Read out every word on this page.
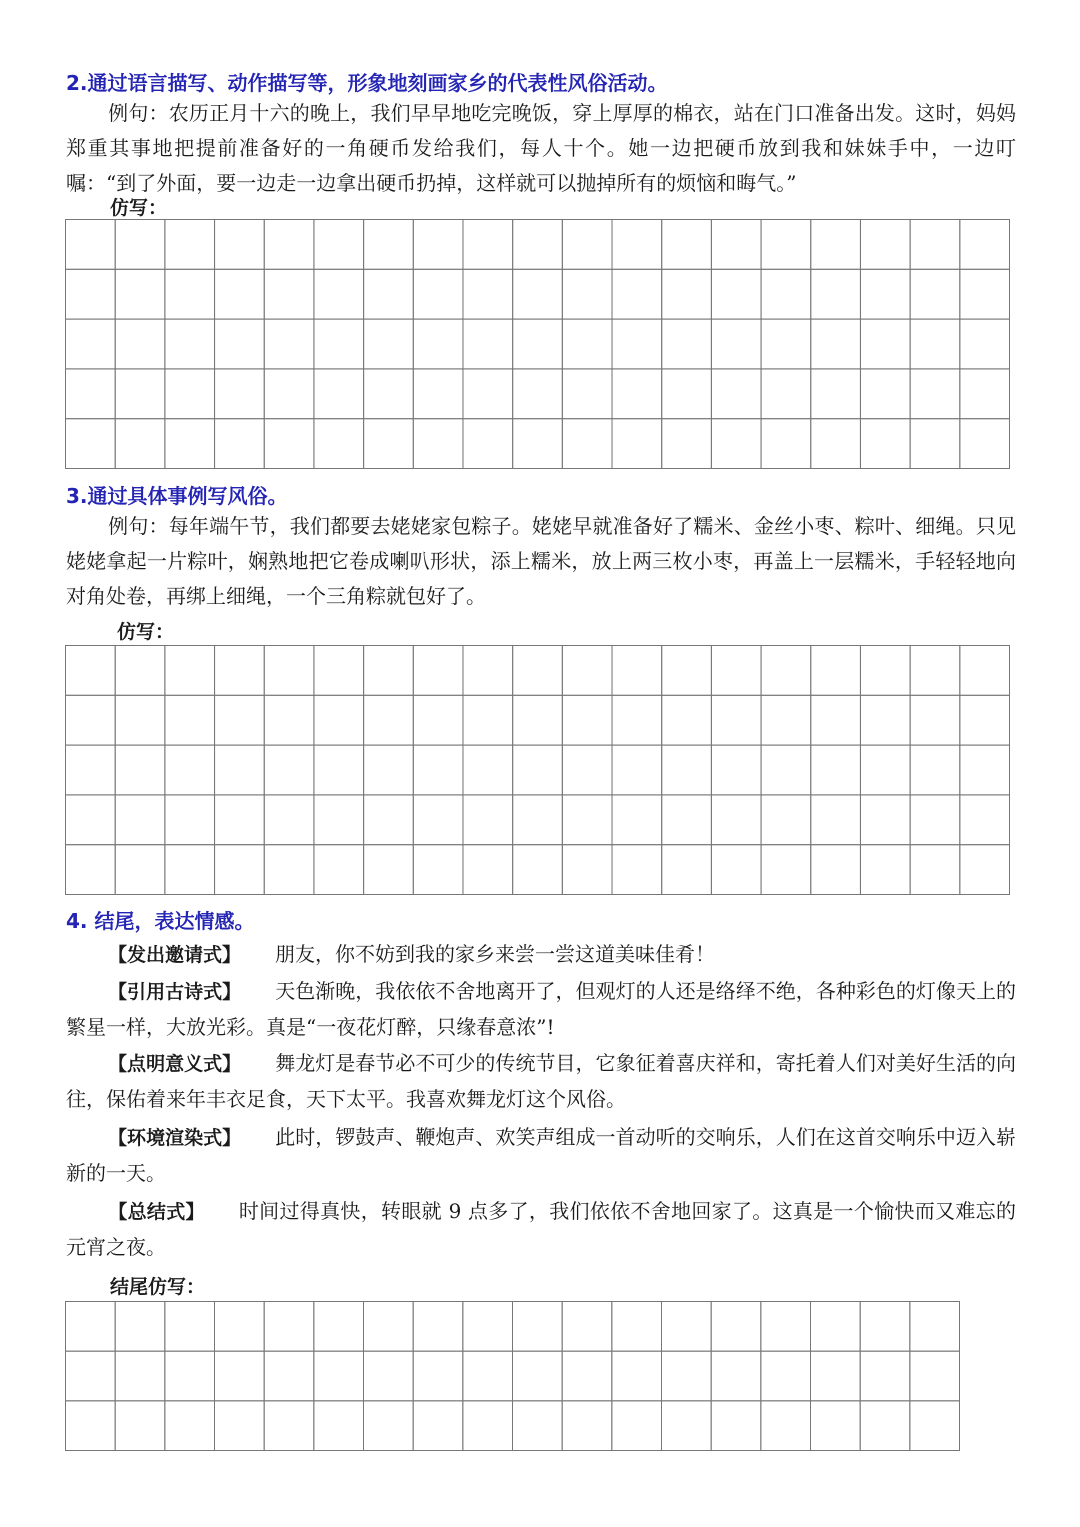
2.通过语言描写、动作描写等，形象地刻画家乡的代表性风俗活动。

例句：农历正月十六的晚上，我们早早地吃完晚饭，穿上厚厚的棉衣，站在门口准备出发。这时，妈妈郑重其事地把提前准备好的一角硬币发给我们，每人十个。她一边把硬币放到我和妹妹手中，一边叮嘱：“到了外面，要一边走一边拿出硬币扔掉，这样就可以抛掉所有的烦恼和晦气。”

仿写：
3.通过具体事例写风俗。

例句：每年端午节，我们都要去姥姥家包粽子。姥姥早就准备好了糯米、金丝小枣、粽叶、细绳。只见姥姥拿起一片粽叶，娴熟地把它卷成喇叭形状，添上糯米，放上两三枚小枣，再盖上一层糯米，手轻轻地向对角处卷，再绑上细绳，一个三角粽就包好了。

仿写：
4. 结尾，表达情感。

【发出邀请式】 朋友，你不妨到我的家乡来尝一尝这道美味佳肴！

【引用古诗式】 天色渐晚，我依依不舍地离开了，但观灯的人还是络绎不绝，各种彩色的灯像天上的繁星一样，大放光彩。真是“一夜花灯醉，只缘春意浓”!

【点明意义式】 舞龙灯是春节必不可少的传统节目，它象征着喜庆祥和，寄托着人们对美好生活的向往，保佑着来年丰衣足食，天下太平。我喜欢舞龙灯这个风俗。

【环境渲染式】 此时，锣鼓声、鞭炮声、欢笑声组成一首动听的交响乐，人们在这首交响乐中迈入崭新的一天。

【总结式】 时间过得真快，转眼就 9 点多了，我们依依不舍地回家了。这真是一个愉快而又难忘的元宵之夜。

结尾仿写：
